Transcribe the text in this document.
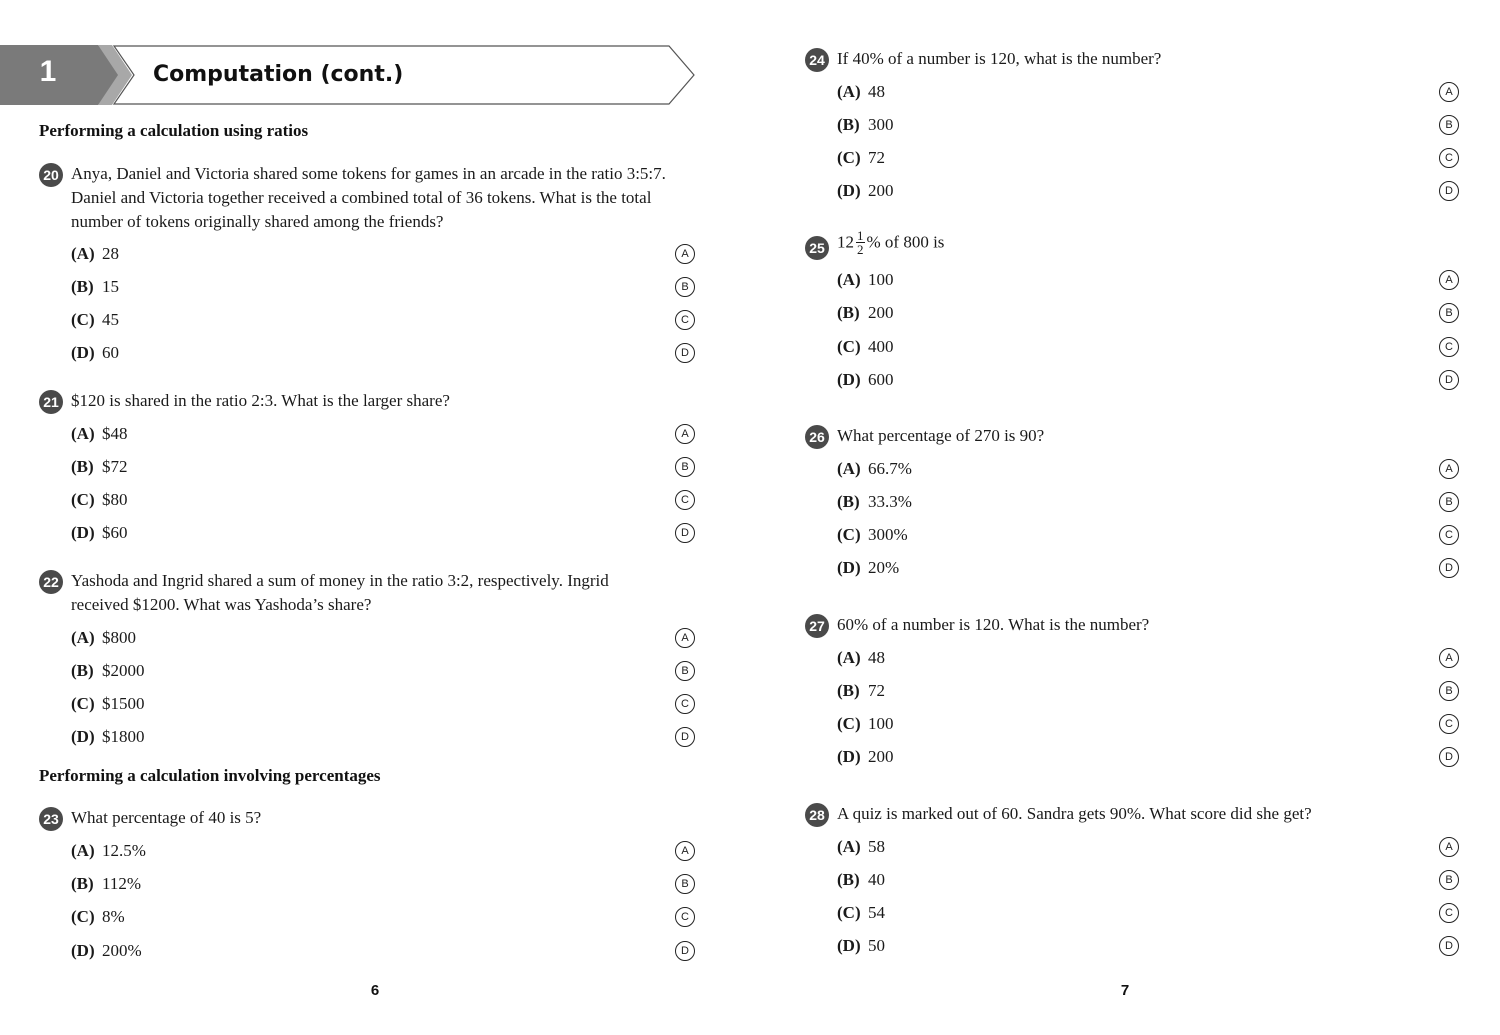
1	Computation (cont.)
Performing a calculation using ratios
20 Anya, Daniel and Victoria shared some tokens for games in an arcade in the ratio 3:5:7.
Daniel and Victoria together received a combined total of 36 tokens. What is the total
number of tokens originally shared among the friends?
(A) 28	A
(B) 15	B
(C) 45	C
(D) 60	D
21 $120 is shared in the ratio 2:3. What is the larger share?
(A) $48	A
(B) $72	B
(C) $80	C
(D) $60	D
22 Yashoda and Ingrid shared a sum of money in the ratio 3:2, respectively. Ingrid
received $1200. What was Yashoda’s share?
(A) $800	A
(B) $2000	B
(C) $1500	C
(D) $1800	D
Performing a calculation involving percentages
23 What percentage of 40 is 5?
(A) 12.5%	A
(B) 112%	B
(C) 8%	C
(D) 200%	D
6
24 If 40% of a number is 120, what is the number?
(A) 48	A
(B) 300	B
(C) 72	C
(D) 200	D
25 $12 \frac{1}{2}$ % of 800 is
(A) 100	A
(B) 200	B
(C) 400	C
(D) 600	D
26 What percentage of 270 is 90?
(A) 66.7%	A
(B) 33.3%	B
(C) 300%	C
(D) 20%	D
27 60% of a number is 120. What is the number?
(A) 48	A
(B) 72	B
(C) 100	C
(D) 200	D
28 A quiz is marked out of 60. Sandra gets 90%. What score did she get?
(A) 58	A
(B) 40	B
(C) 54	C
(D) 50	D
7
